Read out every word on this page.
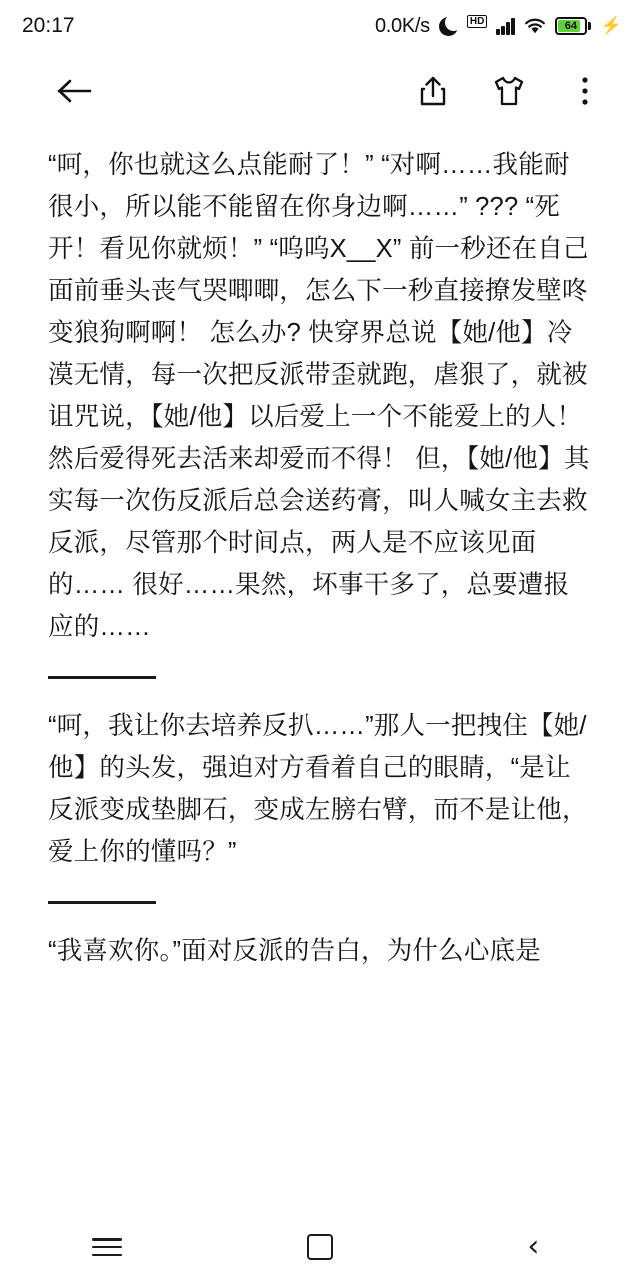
20:17	0.0K/s	HD	64 ⚡

“呵，你也就这么点能耐了！” “对啊……我能耐很小，所以能不能留在你身边啊……” ??? “死开！看见你就烦！” “呜呜X__X” 前一秒还在自己面前垂头丧气哭唧唧，怎么下一秒直接撩发壁咚变狼狗啊啊！ 怎么办? 快穿界总说【她/他】冷漠无情，每一次把反派带歪就跑，虐狠了，就被诅咒说，【她/他】以后爱上一个不能爱上的人！然后爱得死去活来却爱而不得！ 但，【她/他】其实每一次伤反派后总会送药膏，叫人喊女主去救反派，尽管那个时间点，两人是不应该见面的…… 很好……果然，坏事干多了，总要遭报应的……

“呵，我让你去培养反扒……”那人一把拽住【她/他】的头发，强迫对方看着自己的眼睛，“是让反派变成垫脚石，变成左膀右臂，而不是让他，爱上你的懂吗？”

“我喜欢你。”面对反派的告白，为什么心底是

‹
